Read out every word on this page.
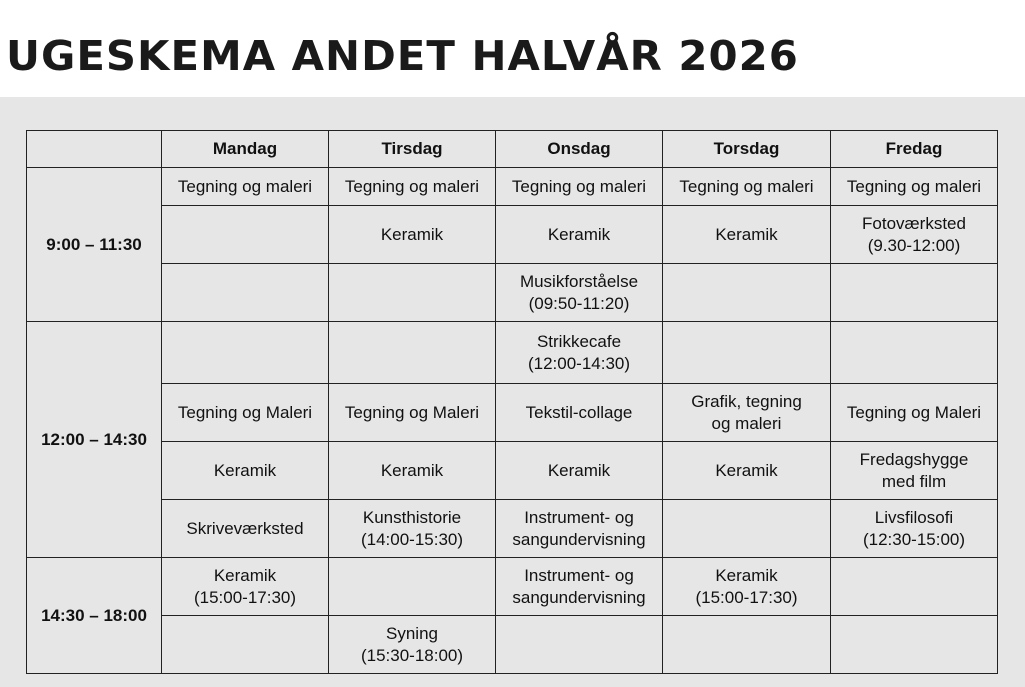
UGESKEMA ANDET HALVÅR 2026
	Mandag	Tirsdag	Onsdag	Torsdag	Fredag
9:00 – 11:30	Tegning og maleri	Tegning og maleri	Tegning og maleri	Tegning og maleri	Tegning og maleri

		Keramik	Keramik	Keramik	Fotoværksted
(9.30-12:00)

			Musikforståelse
(09:50-11:20)		

12:00 – 14:30			Strikkecafe
(12:00-14:30)		

	Tegning og Maleri	Tegning og Maleri	Tekstil-collage	Grafik, tegning
og maleri	Tegning og Maleri

	Keramik	Keramik	Keramik	Keramik	Fredagshygge
med film

	Skriveværksted	Kunsthistorie
(14:00-15:30)	Instrument- og
sangundervisning		Livsfilosofi
(12:30-15:00)

14:30 – 18:00	Keramik
(15:00-17:30)		Instrument- og
sangundervisning	Keramik
(15:00-17:30)	

		Syning
(15:30-18:00)			
